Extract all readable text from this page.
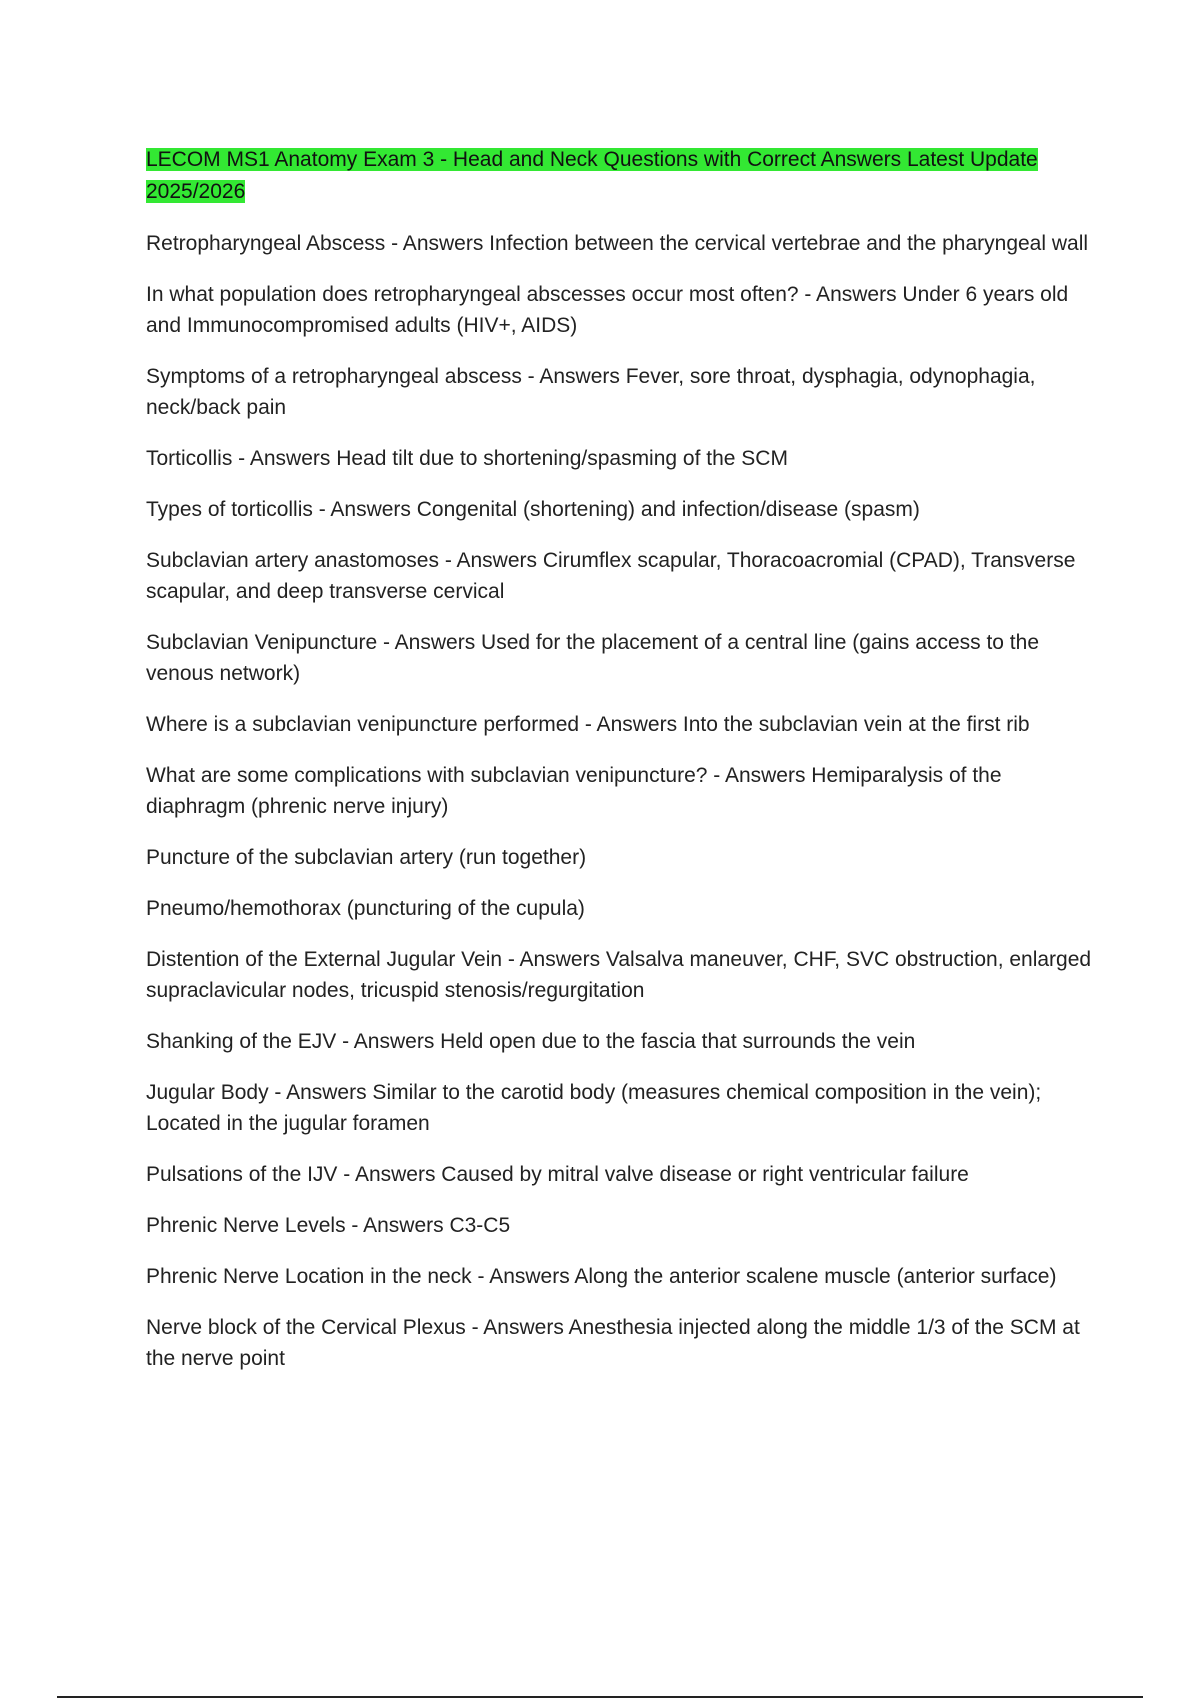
LECOM MS1 Anatomy Exam 3 - Head and Neck Questions with Correct Answers Latest Update 2025/2026

Retropharyngeal Abscess - Answers Infection between the cervical vertebrae and the pharyngeal wall

In what population does retropharyngeal abscesses occur most often? - Answers Under 6 years old and Immunocompromised adults (HIV+, AIDS)

Symptoms of a retropharyngeal abscess - Answers Fever, sore throat, dysphagia, odynophagia, neck/back pain

Torticollis - Answers Head tilt due to shortening/spasming of the SCM

Types of torticollis - Answers Congenital (shortening) and infection/disease (spasm)

Subclavian artery anastomoses - Answers Cirumflex scapular, Thoracoacromial (CPAD), Transverse scapular, and deep transverse cervical

Subclavian Venipuncture - Answers Used for the placement of a central line (gains access to the venous network)

Where is a subclavian venipuncture performed - Answers Into the subclavian vein at the first rib

What are some complications with subclavian venipuncture? - Answers Hemiparalysis of the diaphragm (phrenic nerve injury)

Puncture of the subclavian artery (run together)

Pneumo/hemothorax (puncturing of the cupula)

Distention of the External Jugular Vein - Answers Valsalva maneuver, CHF, SVC obstruction, enlarged supraclavicular nodes, tricuspid stenosis/regurgitation

Shanking of the EJV - Answers Held open due to the fascia that surrounds the vein

Jugular Body - Answers Similar to the carotid body (measures chemical composition in the vein); Located in the jugular foramen

Pulsations of the IJV - Answers Caused by mitral valve disease or right ventricular failure

Phrenic Nerve Levels - Answers C3-C5

Phrenic Nerve Location in the neck - Answers Along the anterior scalene muscle (anterior surface)

Nerve block of the Cervical Plexus - Answers Anesthesia injected along the middle 1/3 of the SCM at the nerve point
